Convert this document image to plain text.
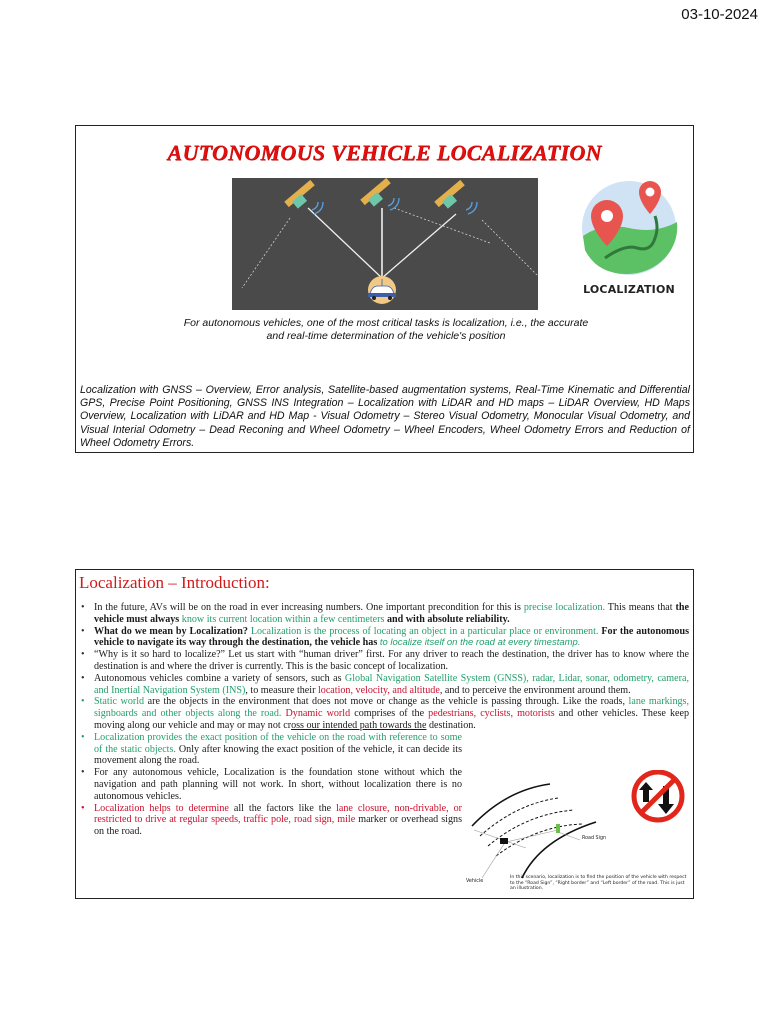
03-10-2024
AUTONOMOUS VEHICLE LOCALIZATION
LOCALIZATION
For autonomous vehicles, one of the most critical tasks is localization, i.e., the accurate
and real-time determination of the vehicle's position
Localization with GNSS – Overview, Error analysis, Satellite-based augmentation systems, Real-Time Kinematic and Differential GPS, Precise Point Positioning, GNSS INS Integration – Localization with LiDAR and HD maps – LiDAR Overview, HD Maps Overview, Localization with LiDAR and HD Map - Visual Odometry – Stereo Visual Odometry, Monocular Visual Odometry, and Visual Interial Odometry – Dead Reconing and Wheel Odometry – Wheel Encoders, Wheel Odometry Errors and Reduction of Wheel Odometry Errors.
Localization – Introduction:
• In the future, AVs will be on the road in ever increasing numbers. One important precondition for this is precise localization. This means that the vehicle must always know its current location within a few centimeters and with absolute reliability.
• What do we mean by Localization? Localization is the process of locating an object in a particular place or environment. For the autonomous vehicle to navigate its way through the destination, the vehicle has to localize itself on the road at every timestamp.
• “Why is it so hard to localize?” Let us start with “human driver” first. For any driver to reach the destination, the driver has to know where the destination is and where the driver is currently. This is the basic concept of localization.
• Autonomous vehicles combine a variety of sensors, such as Global Navigation Satellite System (GNSS), radar, Lidar, sonar, odometry, camera, and Inertial Navigation System (INS), to measure their location, velocity, and altitude, and to perceive the environment around them.
• Static world are the objects in the environment that does not move or change as the vehicle is passing through. Like the roads, lane markings, signboards and other objects along the road. Dynamic world comprises of the pedestrians, cyclists, motorists and other vehicles. These keep moving along our vehicle and may or may not cross our intended path towards the destination.
• Localization provides the exact position of the vehicle on the road with reference to some of the static objects. Only after knowing the exact position of the vehicle, it can decide its movement along the road.
• For any autonomous vehicle, Localization is the foundation stone without which the navigation and path planning will not work. In short, without localization there is no autonomous vehicles.
• Localization helps to determine all the factors like the lane closure, non-drivable, or restricted to drive at regular speeds, traffic pole, road sign, mile marker or overhead signs on the road.
Road Sign
Vehicle
In this scenario, localization is to find the position of the vehicle with respect to the “Road Sign”, “Right border” and “Left border” of the road. This is just an illustration.
